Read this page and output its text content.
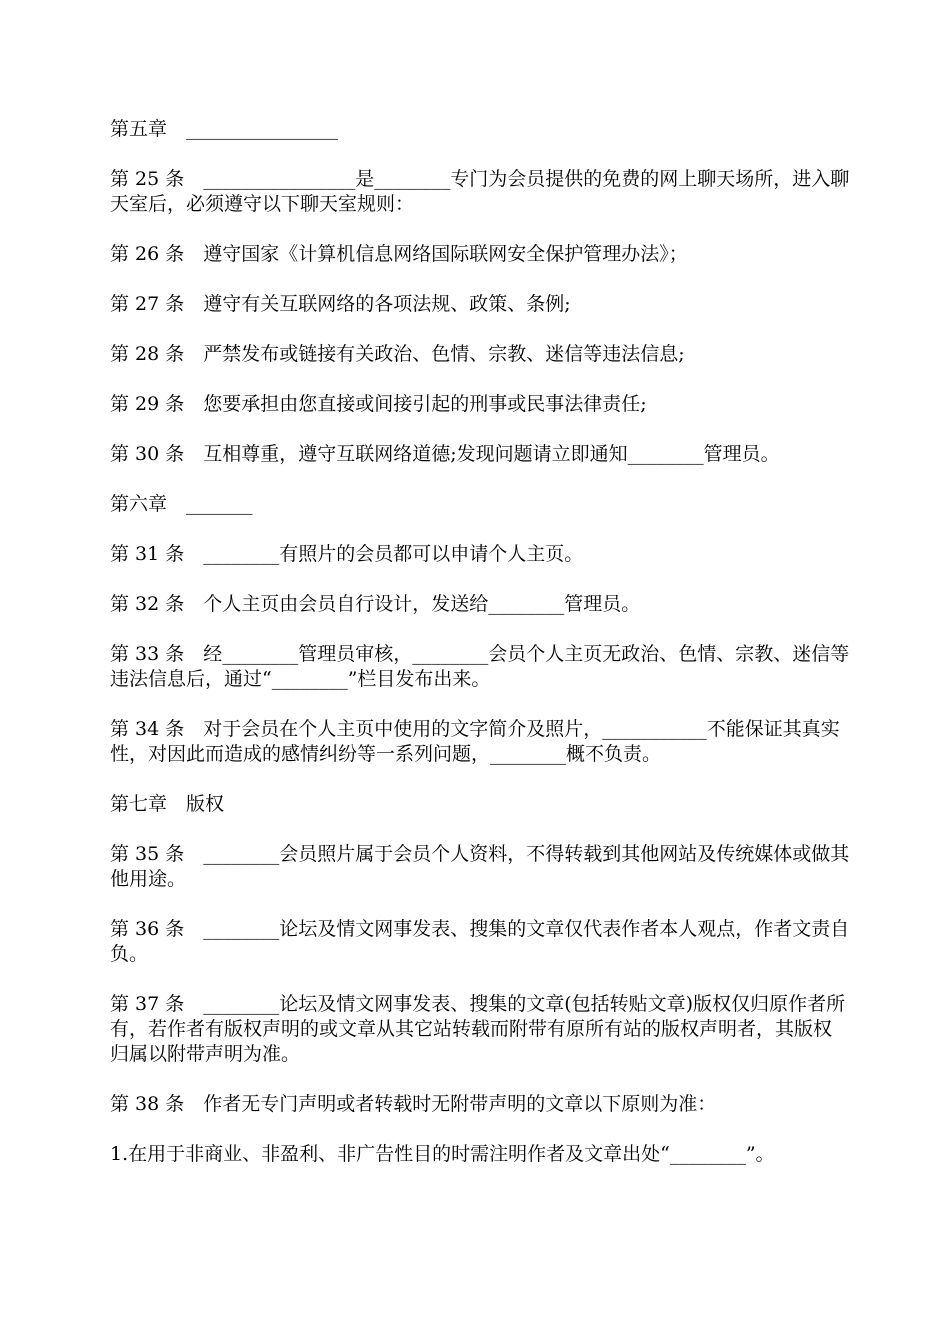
第五章　________________

第 25 条　________________是________专门为会员提供的免费的网上聊天场所，进入聊天室后，必须遵守以下聊天室规则：

第 26 条　遵守国家《计算机信息网络国际联网安全保护管理办法》；

第 27 条　遵守有关互联网络的各项法规、政策、条例;

第 28 条　严禁发布或链接有关政治、色情、宗教、迷信等违法信息;

第 29 条　您要承担由您直接或间接引起的刑事或民事法律责任;

第 30 条　互相尊重，遵守互联网络道德;发现问题请立即通知________管理员。

第六章　_______

第 31 条　________有照片的会员都可以申请个人主页。

第 32 条　个人主页由会员自行设计，发送给________管理员。

第 33 条　经________管理员审核，________会员个人主页无政治、色情、宗教、迷信等违法信息后，通过“________”栏目发布出来。

第 34 条　对于会员在个人主页中使用的文字简介及照片，___________不能保证其真实性，对因此而造成的感情纠纷等一系列问题，________概不负责。

第七章　版权

第 35 条　________会员照片属于会员个人资料，不得转载到其他网站及传统媒体或做其他用途。

第 36 条　________论坛及情文网事发表、搜集的文章仅代表作者本人观点，作者文责自负。

第 37 条　________论坛及情文网事发表、搜集的文章(包括转贴文章)版权仅归原作者所有，若作者有版权声明的或文章从其它站转载而附带有原所有站的版权声明者，其版权归属以附带声明为准。

第 38 条　作者无专门声明或者转载时无附带声明的文章以下原则为准：

1.在用于非商业、非盈利、非广告性目的时需注明作者及文章出处“________”。
